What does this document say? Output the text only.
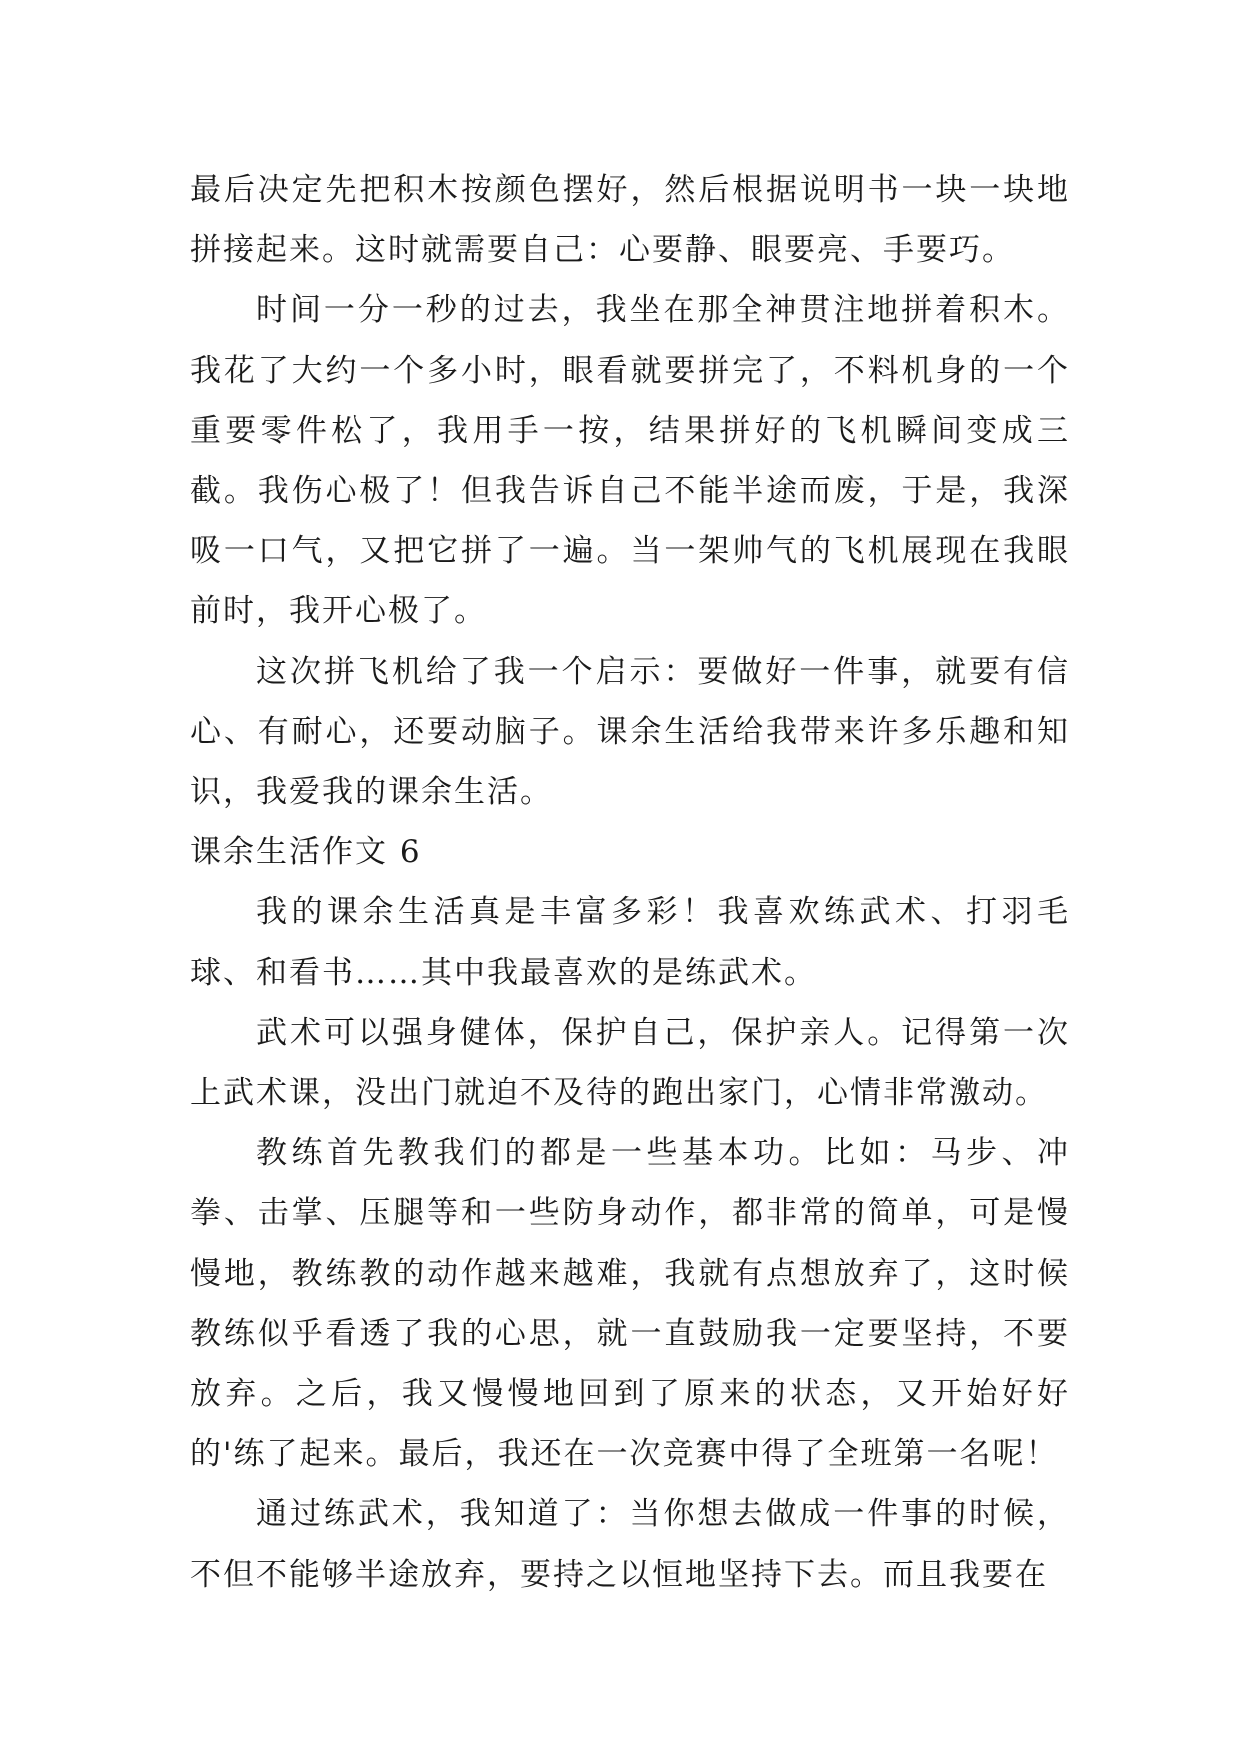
最后决定先把积木按颜色摆好，然后根据说明书一块一块地拼接起来。这时就需要自己：心要静、眼要亮、手要巧。

时间一分一秒的过去，我坐在那全神贯注地拼着积木。我花了大约一个多小时，眼看就要拼完了，不料机身的一个重要零件松了，我用手一按，结果拼好的飞机瞬间变成三截。我伤心极了！但我告诉自己不能半途而废，于是，我深吸一口气，又把它拼了一遍。当一架帅气的飞机展现在我眼前时，我开心极了。

这次拼飞机给了我一个启示：要做好一件事，就要有信心、有耐心，还要动脑子。课余生活给我带来许多乐趣和知识，我爱我的课余生活。

课余生活作文 6

我的课余生活真是丰富多彩！我喜欢练武术、打羽毛球、和看书……其中我最喜欢的是练武术。

武术可以强身健体，保护自己，保护亲人。记得第一次上武术课，没出门就迫不及待的跑出家门，心情非常激动。

教练首先教我们的都是一些基本功。比如：马步、冲拳、击掌、压腿等和一些防身动作，都非常的简单，可是慢慢地，教练教的动作越来越难，我就有点想放弃了，这时候教练似乎看透了我的心思，就一直鼓励我一定要坚持，不要放弃。之后，我又慢慢地回到了原来的状态，又开始好好的'练了起来。最后，我还在一次竞赛中得了全班第一名呢！

通过练武术，我知道了：当你想去做成一件事的时候，不但不能够半途放弃，要持之以恒地坚持下去。而且我要在
